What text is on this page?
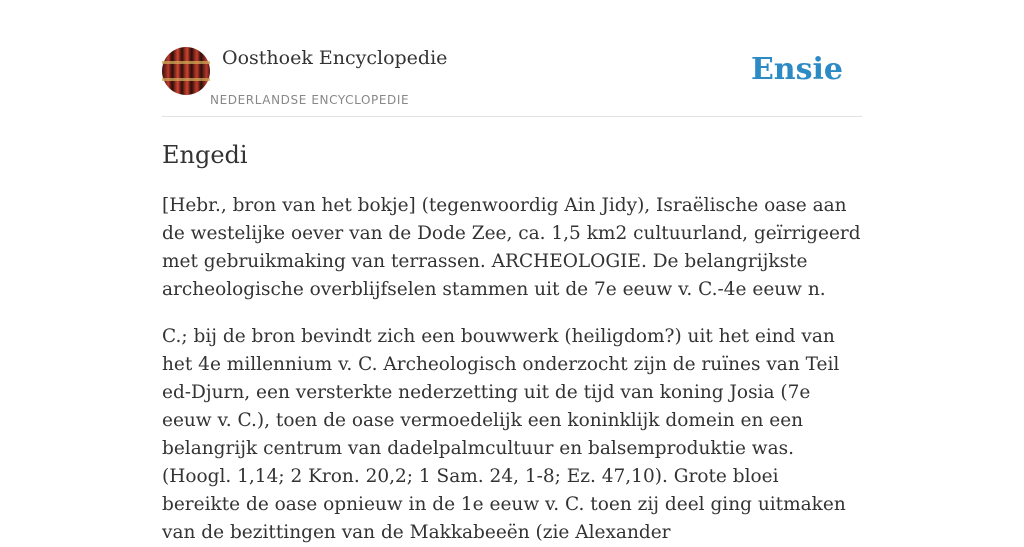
Oosthoek Encyclopedie
NEDERLANDSE ENCYCLOPEDIE
Ensie
Engedi

[Hebr., bron van het bokje] (tegenwoordig Ain Jidy), Israëlische oase aan de westelijke oever van de Dode Zee, ca. 1,5 km2 cultuurland, geïrrigeerd met gebruikmaking van terrassen. ARCHEOLOGIE. De belangrijkste archeologische overblijfselen stammen uit de 7e eeuw v. C.-4e eeuw n.

C.; bij de bron bevindt zich een bouwwerk (heiligdom?) uit het eind van het 4e millennium v. C. Archeologisch onderzocht zijn de ruïnes van Teil ed-Djurn, een versterkte nederzetting uit de tijd van koning Josia (7e eeuw v. C.), toen de oase vermoedelijk een koninklijk domein en een belangrijk centrum van dadelpalmcultuur en balsemproduktie was. (Hoogl. 1,14; 2 Kron. 20,2; 1 Sam. 24, 1-8; Ez. 47,10). Grote bloei bereikte de oase opnieuw in de 1e eeuw v. C. toen zij deel ging uitmaken van de bezittingen van de Makkabeeën (zie Alexander
